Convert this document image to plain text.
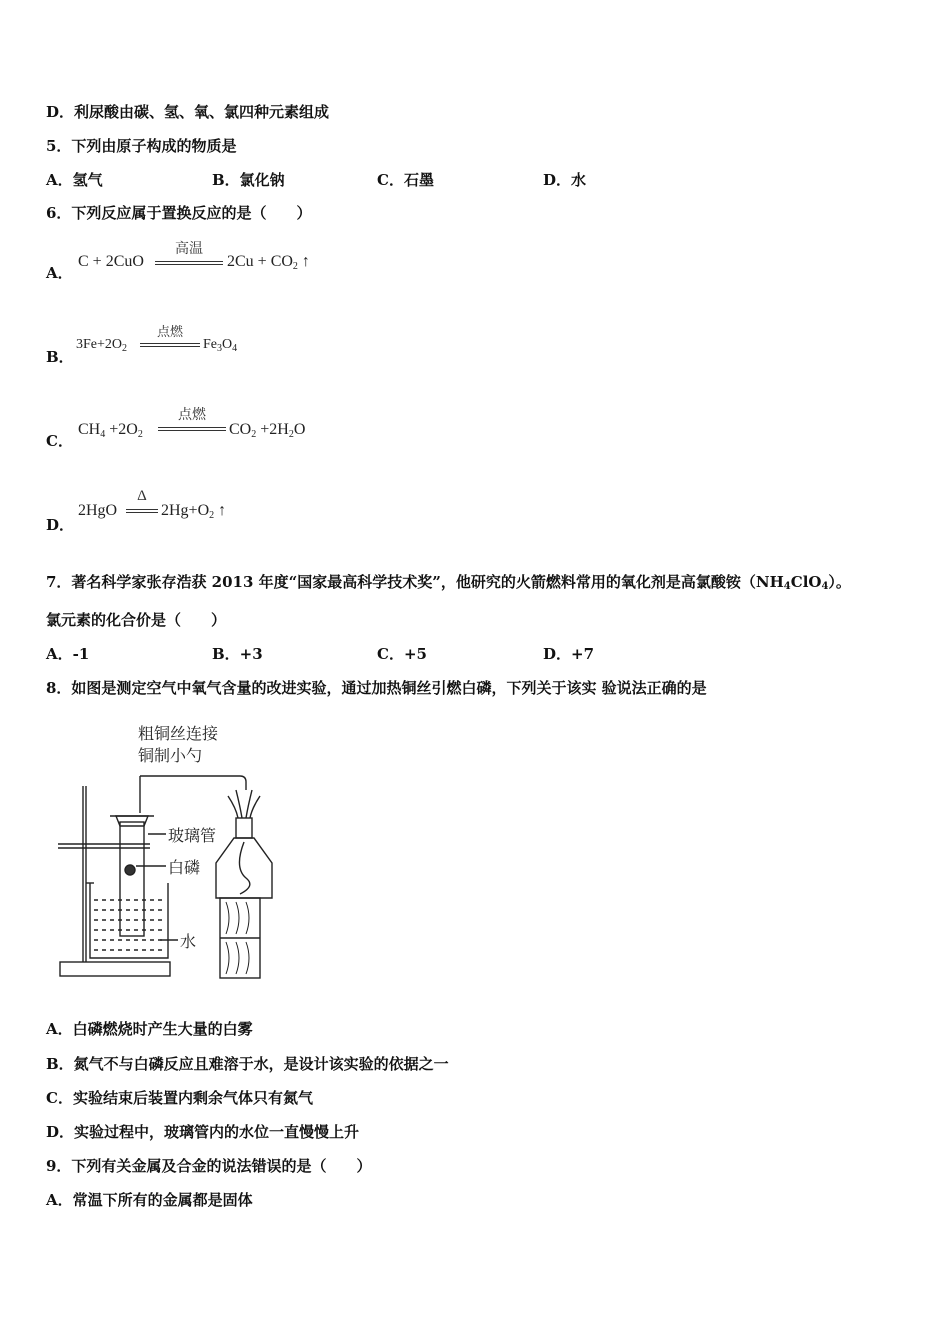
D．利尿酸由碳、氢、氧、氯四种元素组成
5．下列由原子构成的物质是
A．氢气	B．氯化钠	C．石墨	D．水
6．下列反应属于置换反应的是（　　）
A．
C + 2CuO
高温
$2Cu + CO_2$ ↑
B．
$3Fe+2O_2$
点燃
$Fe_3O_4$
C．
$CH_4 +2O_2$
点燃
$CO_2 +2H_2O$
D．
2HgO
Δ
$2Hg+O_2$ ↑
7．著名科学家张存浩获 2013 年度“国家最高科学技术奖”，他研究的火箭燃料常用的氧化剂是高氯酸铵$(NH_4ClO_4)$。
氯元素的化合价是（　　）
A．-1	B．+3	C．+5	D．+7
8．如图是测定空气中氧气含量的改进实验，通过加热铜丝引燃白磷，下列关于该实 验说法正确的是
粗铜丝连接
铜制小勺
玻璃管
白磷
水
A．白磷燃烧时产生大量的白雾
B．氮气不与白磷反应且难溶于水，是设计该实验的依据之一
C．实验结束后装置内剩余气体只有氮气
D．实验过程中，玻璃管内的水位一直慢慢上升
9．下列有关金属及合金的说法错误的是（　　）
A．常温下所有的金属都是固体
